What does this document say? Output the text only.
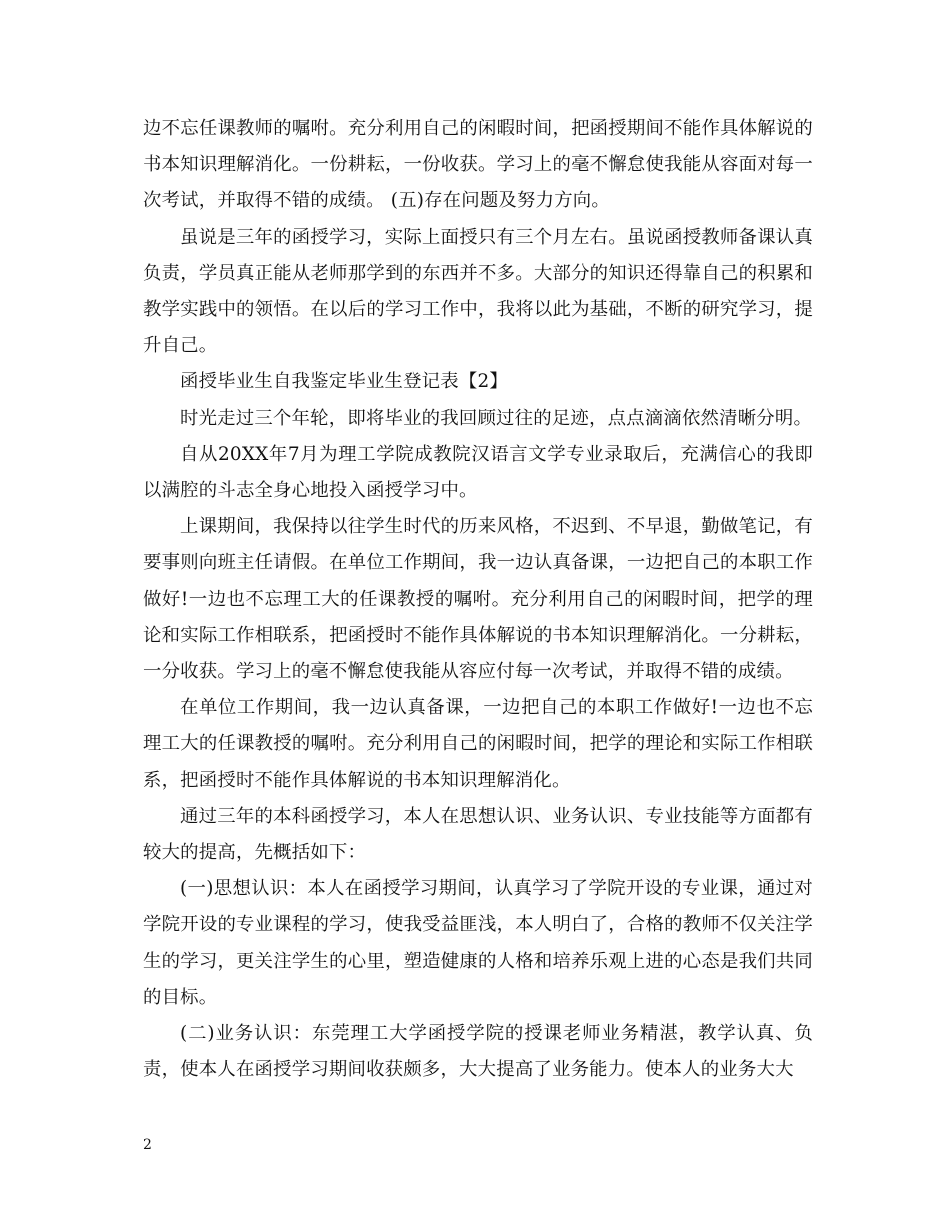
边不忘任课教师的嘱咐。充分利用自己的闲暇时间，把函授期间不能作具体解说的书本知识理解消化。一份耕耘，一份收获。学习上的毫不懈怠使我能从容面对每一次考试，并取得不错的成绩。 (五)存在问题及努力方向。

虽说是三年的函授学习，实际上面授只有三个月左右。虽说函授教师备课认真负责，学员真正能从老师那学到的东西并不多。大部分的知识还得靠自己的积累和教学实践中的领悟。在以后的学习工作中，我将以此为基础，不断的研究学习，提升自己。

函授毕业生自我鉴定毕业生登记表【2】

时光走过三个年轮，即将毕业的我回顾过往的足迹，点点滴滴依然清晰分明。

自从20XX年7月为理工学院成教院汉语言文学专业录取后，充满信心的我即以满腔的斗志全身心地投入函授学习中。

上课期间，我保持以往学生时代的历来风格，不迟到、不早退，勤做笔记，有要事则向班主任请假。在单位工作期间，我一边认真备课，一边把自己的本职工作做好!一边也不忘理工大的任课教授的嘱咐。充分利用自己的闲暇时间，把学的理论和实际工作相联系，把函授时不能作具体解说的书本知识理解消化。一分耕耘，一分收获。学习上的毫不懈怠使我能从容应付每一次考试，并取得不错的成绩。

在单位工作期间，我一边认真备课，一边把自己的本职工作做好!一边也不忘理工大的任课教授的嘱咐。充分利用自己的闲暇时间，把学的理论和实际工作相联系，把函授时不能作具体解说的书本知识理解消化。

通过三年的本科函授学习，本人在思想认识、业务认识、专业技能等方面都有较大的提高，先概括如下：

(一)思想认识：本人在函授学习期间，认真学习了学院开设的专业课，通过对学院开设的专业课程的学习，使我受益匪浅，本人明白了，合格的教师不仅关注学生的学习，更关注学生的心里，塑造健康的人格和培养乐观上进的心态是我们共同的目标。

(二)业务认识：东莞理工大学函授学院的授课老师业务精湛，教学认真、负责，使本人在函授学习期间收获颇多，大大提高了业务能力。使本人的业务大大

2
